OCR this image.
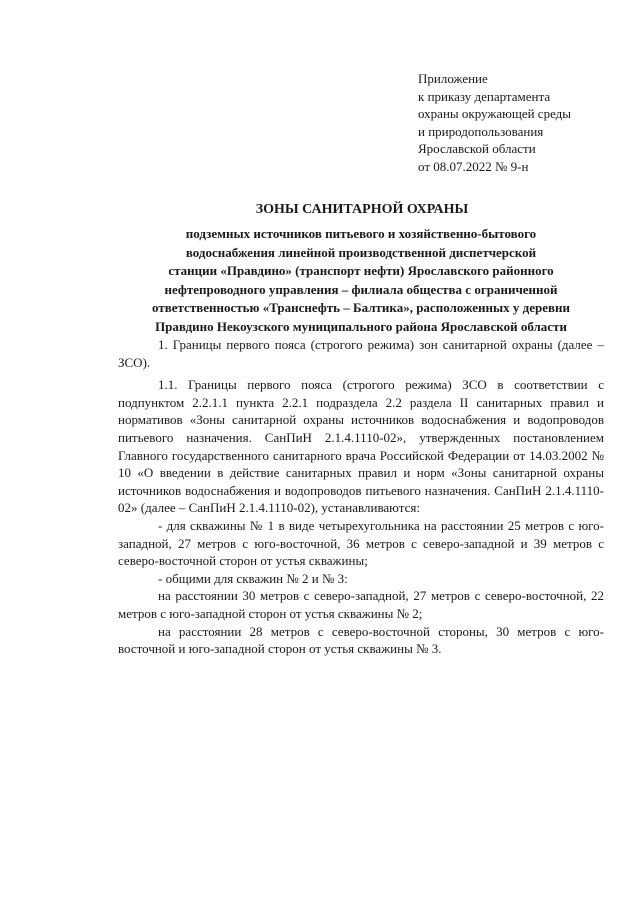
Приложение
к приказу департамента
охраны окружающей среды
и природопользования
Ярославской области
от 08.07.2022 № 9-н
ЗОНЫ САНИТАРНОЙ ОХРАНЫ
подземных источников питьевого и хозяйственно-бытового
водоснабжения линейной производственной диспетчерской
станции «Правдино» (транспорт нефти) Ярославского районного
нефтепроводного управления – филиала общества с ограниченной
ответственностью «Транснефть – Балтика», расположенных у деревни
Правдино Некоузского муниципального района Ярославской области

1. Границы первого пояса (строгого режима) зон санитарной охраны (далее – ЗСО).

1.1. Границы первого пояса (строгого режима) ЗСО в соответствии с подпунктом 2.2.1.1 пункта 2.2.1 подраздела 2.2 раздела II санитарных правил и нормативов «Зоны санитарной охраны источников водоснабжения и водопроводов питьевого назначения. СанПиН 2.1.4.1110-02», утвержденных постановлением Главного государственного санитарного врача Российской Федерации от 14.03.2002 № 10 «О введении в действие санитарных правил и норм «Зоны санитарной охраны источников водоснабжения и водопроводов питьевого назначения. СанПиН 2.1.4.1110-02» (далее – СанПиН 2.1.4.1110-02), устанавливаются:

- для скважины № 1 в виде четырехугольника на расстоянии 25 метров с юго-западной, 27 метров с юго-восточной, 36 метров с северо-западной и 39 метров с северо-восточной сторон от устья скважины;

- общими для скважин № 2 и № 3:

на расстоянии 30 метров с северо-западной, 27 метров с северо-восточной, 22 метров с юго-западной сторон от устья скважины № 2;

на расстоянии 28 метров с северо-восточной стороны, 30 метров с юго-восточной и юго-западной сторон от устья скважины № 3.
